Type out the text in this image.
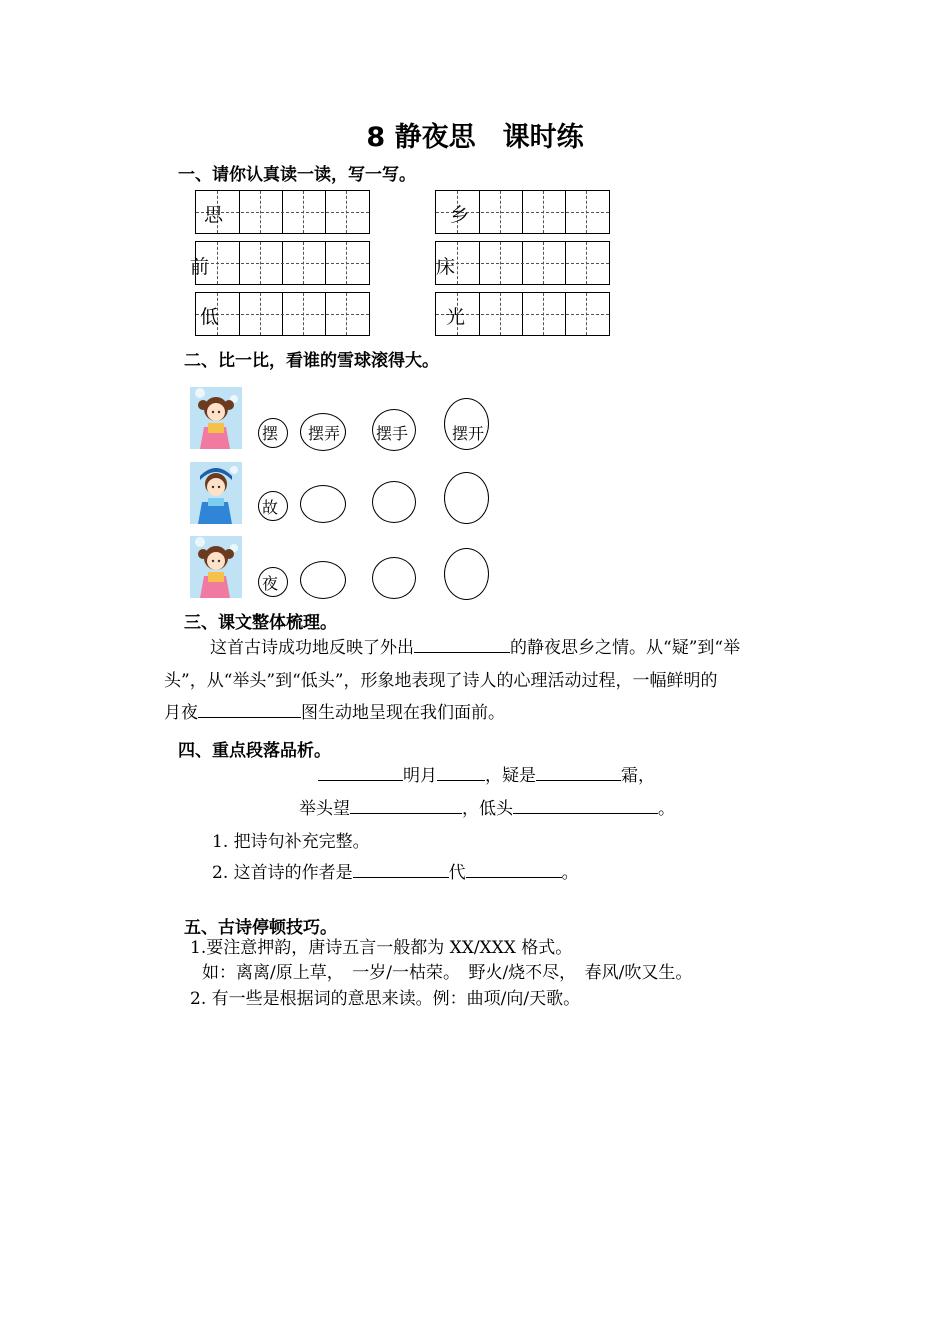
8 静夜思　课时练
一、请你认真读一读，写一写。
思	乡
前	床
低	光
二、比一比，看谁的雪球滚得大。
摆 摆弄 摆手	摆开
故
夜
三、课文整体梳理。
这首古诗成功地反映了外出	的静夜思乡之情。从“疑”到“举
头”，从“举头”到“低头”，形象地表现了诗人的心理活动过程，一幅鲜明的
月夜	图生动地呈现在我们面前。
四、重点段落品析。
明月	，疑是	霜，
举头望	，低头	。
1. 把诗句补充完整。
2. 这首诗的作者是	代	。
五、古诗停顿技巧。
1.要注意押韵，唐诗五言一般都为 XX/XXX 格式。
如：离离/原上草，　一岁/一枯荣。　野火/烧不尽，　春风/吹又生。
2. 有一些是根据词的意思来读。例：曲项/向/天歌。
